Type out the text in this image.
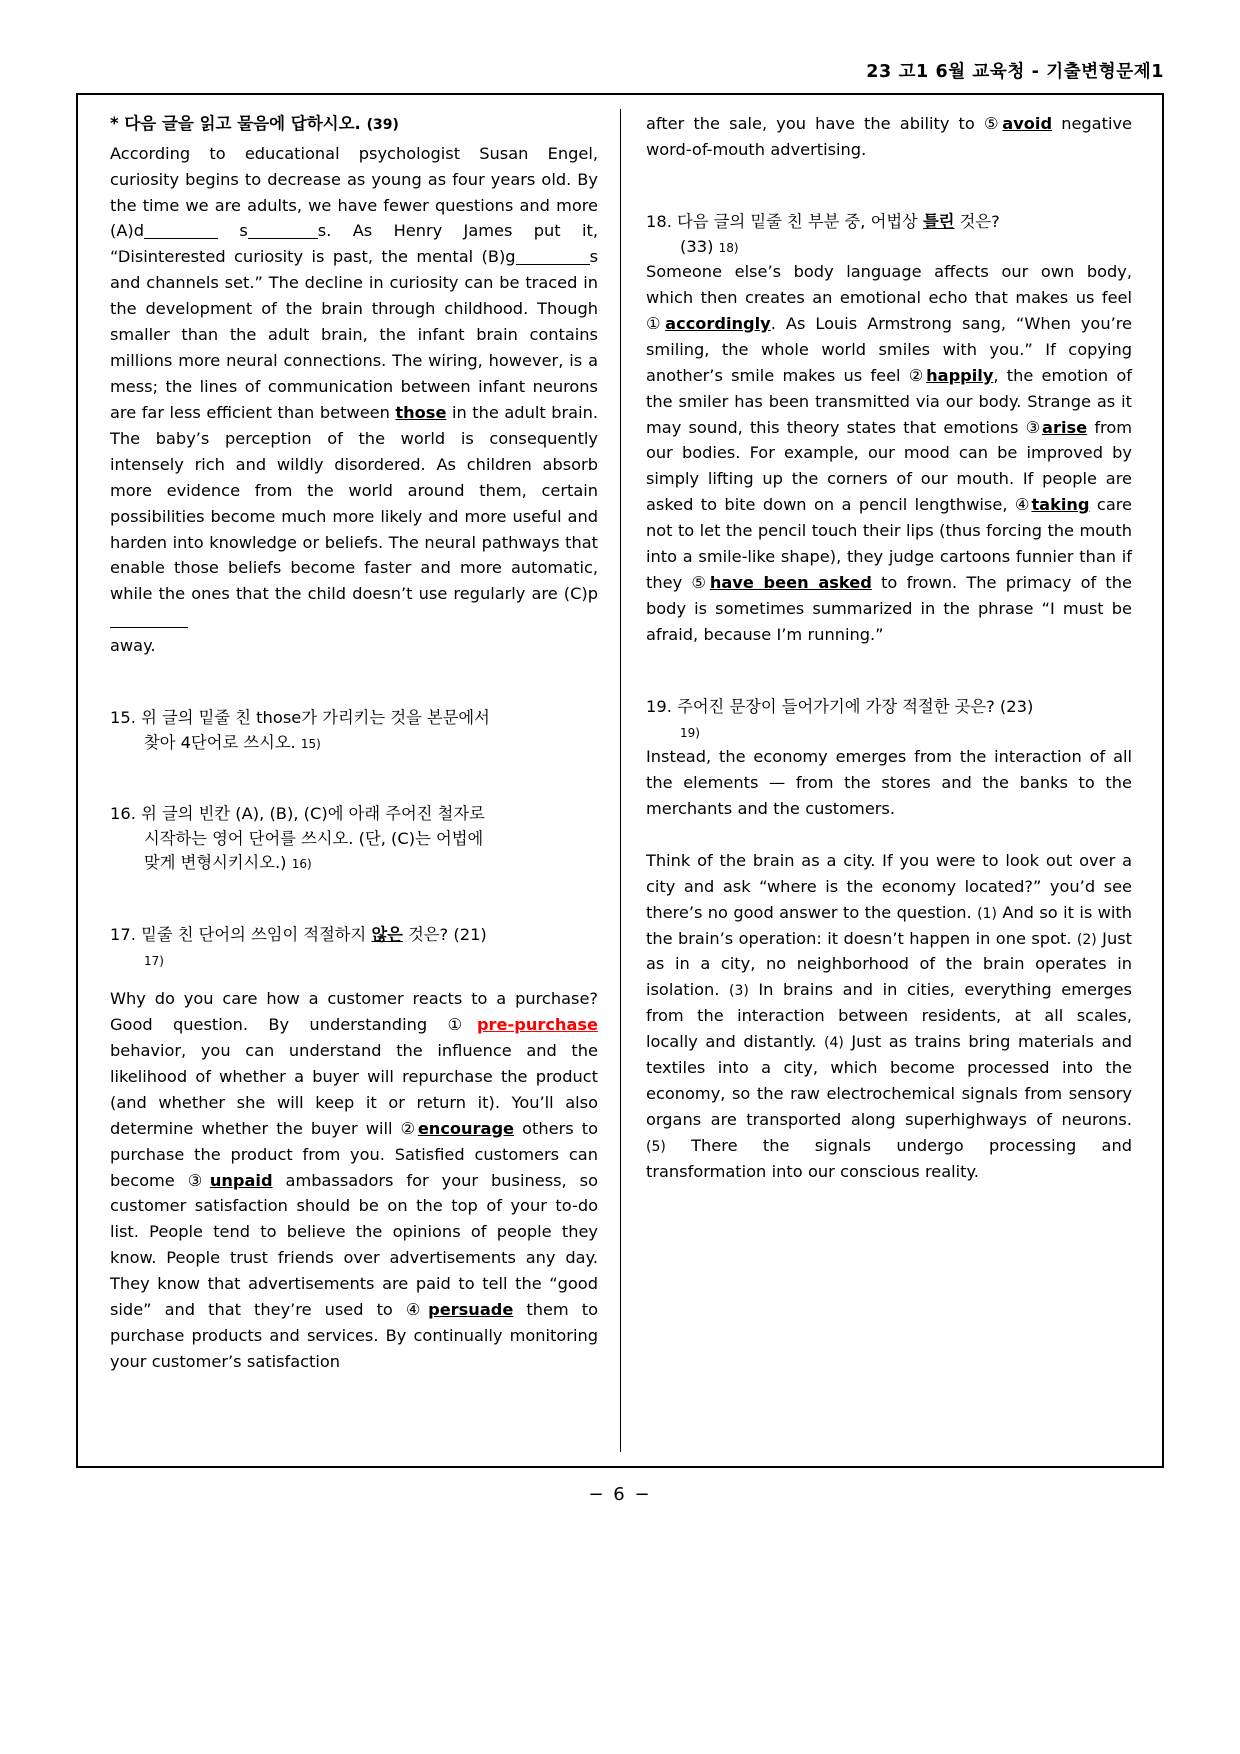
23 고1 6월 교육청 - 기출변형문제1

* 다음 글을 읽고 물음에 답하시오. (39)

According to educational psychologist Susan Engel, curiosity begins to decrease as young as four years old. By the time we are adults, we have fewer questions and more (A)d	s	s. As Henry James put it, “Disinterested curiosity is past, the mental (B)g	s and channels set.” The decline in curiosity can be traced in the development of the brain through childhood. Though smaller than the adult brain, the infant brain contains millions more neural connections. The wiring, however, is a mess; the lines of communication between infant neurons are far less efficient than between those in the adult brain. The baby’s perception of the world is consequently intensely rich and wildly disordered. As children absorb more evidence from the world around them, certain possibilities become much more likely and more useful and harden into knowledge or beliefs. The neural pathways that enable those beliefs become faster and more automatic, while the ones that the child doesn’t use regularly are (C)p
away.

15. 위 글의 밑줄 친 those가 가리키는 것을 본문에서

찾아 4단어로 쓰시오. 15)

16. 위 글의 빈칸 (A), (B), (C)에 아래 주어진 철자로

시작하는 영어 단어를 쓰시오. (단, (C)는 어법에

맞게 변형시키시오.) 16)

17. 밑줄 친 단어의 쓰임이 적절하지 않은 것은? (21)

17)

Why do you care how a customer reacts to a purchase? Good question. By understanding ①pre-purchase behavior, you can understand the influence and the likelihood of whether a buyer will repurchase the product (and whether she will keep it or return it). You’ll also determine whether the buyer will ②encourage others to purchase the product from you. Satisfied customers can become ③unpaid ambassadors for your business, so customer satisfaction should be on the top of your to-do list. People tend to believe the opinions of people they know. People trust friends over advertisements any day. They know that advertisements are paid to tell the “good side” and that they’re used to ④persuade them to purchase products and services. By continually monitoring your customer’s satisfaction

after the sale, you have the ability to ⑤avoid negative word-of-mouth advertising.

18. 다음 글의 밑줄 친 부분 중, 어법상 틀린 것은?

(33) 18)

Someone else’s body language affects our own body, which then creates an emotional echo that makes us feel ①accordingly. As Louis Armstrong sang, “When you’re smiling, the whole world smiles with you.” If copying another’s smile makes us feel ②happily, the emotion of the smiler has been transmitted via our body. Strange as it may sound, this theory states that emotions ③arise from our bodies. For example, our mood can be improved by simply lifting up the corners of our mouth. If people are asked to bite down on a pencil lengthwise, ④taking care not to let the pencil touch their lips (thus forcing the mouth into a smile-like shape), they judge cartoons funnier than if they ⑤have been asked to frown. The primacy of the body is sometimes summarized in the phrase “I must be afraid, because I’m running.”

19. 주어진 문장이 들어가기에 가장 적절한 곳은? (23)

19)

Instead, the economy emerges from the interaction of all the elements — from the stores and the banks to the merchants and the customers.

Think of the brain as a city. If you were to look out over a city and ask “where is the economy located?” you’d see there’s no good answer to the question. (1) And so it is with the brain’s operation: it doesn’t happen in one spot. (2) Just as in a city, no neighborhood of the brain operates in isolation. (3) In brains and in cities, everything emerges from the interaction between residents, at all scales, locally and distantly. (4) Just as trains bring materials and textiles into a city, which become processed into the economy, so the raw electrochemical signals from sensory organs are transported along superhighways of neurons. (5) There the signals undergo processing and transformation into our conscious reality.

− 6 −
